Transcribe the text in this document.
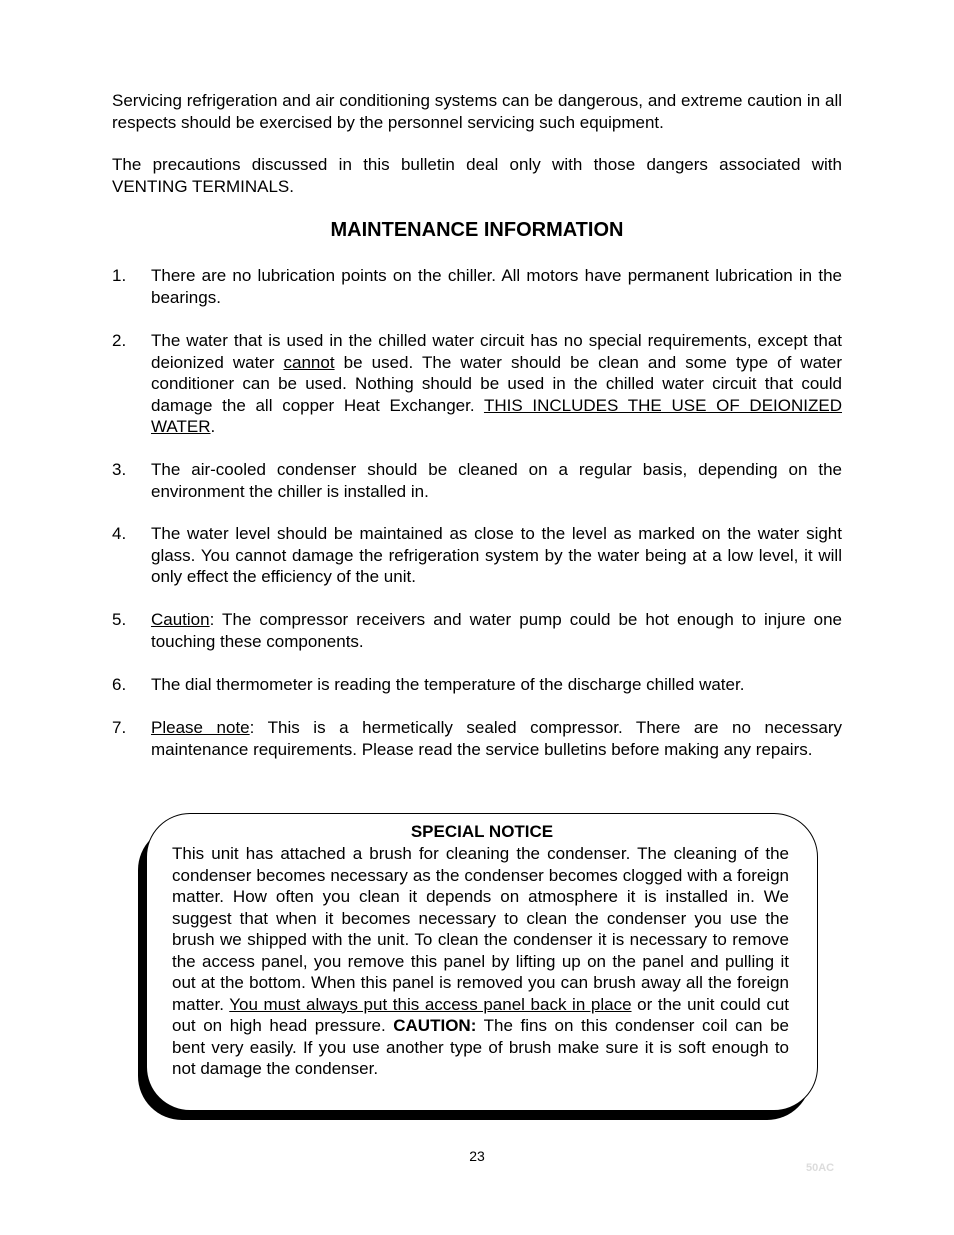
Servicing refrigeration and air conditioning systems can be dangerous, and extreme caution in all respects should be exercised by the personnel servicing such equipment.

The precautions discussed in this bulletin deal only with those dangers associated with VENTING TERMINALS.

MAINTENANCE INFORMATION
1.	There are no lubrication points on the chiller. All motors have permanent lubrication in the bearings.
2.	The water that is used in the chilled water circuit has no special requirements, except that deionized water cannot be used. The water should be clean and some type of water conditioner can be used. Nothing should be used in the chilled water circuit that could damage the all copper Heat Exchanger. THIS INCLUDES THE USE OF DEIONIZED WATER.
3.	The air-cooled condenser should be cleaned on a regular basis, depending on the environment the chiller is installed in.
4.	The water level should be maintained as close to the level as marked on the water sight glass. You cannot damage the refrigeration system by the water being at a low level, it will only effect the efficiency of the unit.
5.	Caution: The compressor receivers and water pump could be hot enough to injure one touching these components.
6.	The dial thermometer is reading the temperature of the discharge chilled water.
7.	Please note: This is a hermetically sealed compressor. There are no necessary maintenance requirements. Please read the service bulletins before making any repairs.
SPECIAL NOTICE
This unit has attached a brush for cleaning the condenser. The cleaning of the condenser becomes necessary as the condenser becomes clogged with a foreign matter. How often you clean it depends on atmosphere it is installed in. We suggest that when it becomes necessary to clean the condenser you use the brush we shipped with the unit. To clean the condenser it is necessary to remove the access panel, you remove this panel by lifting up on the panel and pulling it out at the bottom. When this panel is removed you can brush away all the foreign matter. You must always put this access panel back in place or the unit could cut out on high head pressure. CAUTION: The fins on this condenser coil can be bent very easily. If you use another type of brush make sure it is soft enough to not damage the condenser.
23
50AC
